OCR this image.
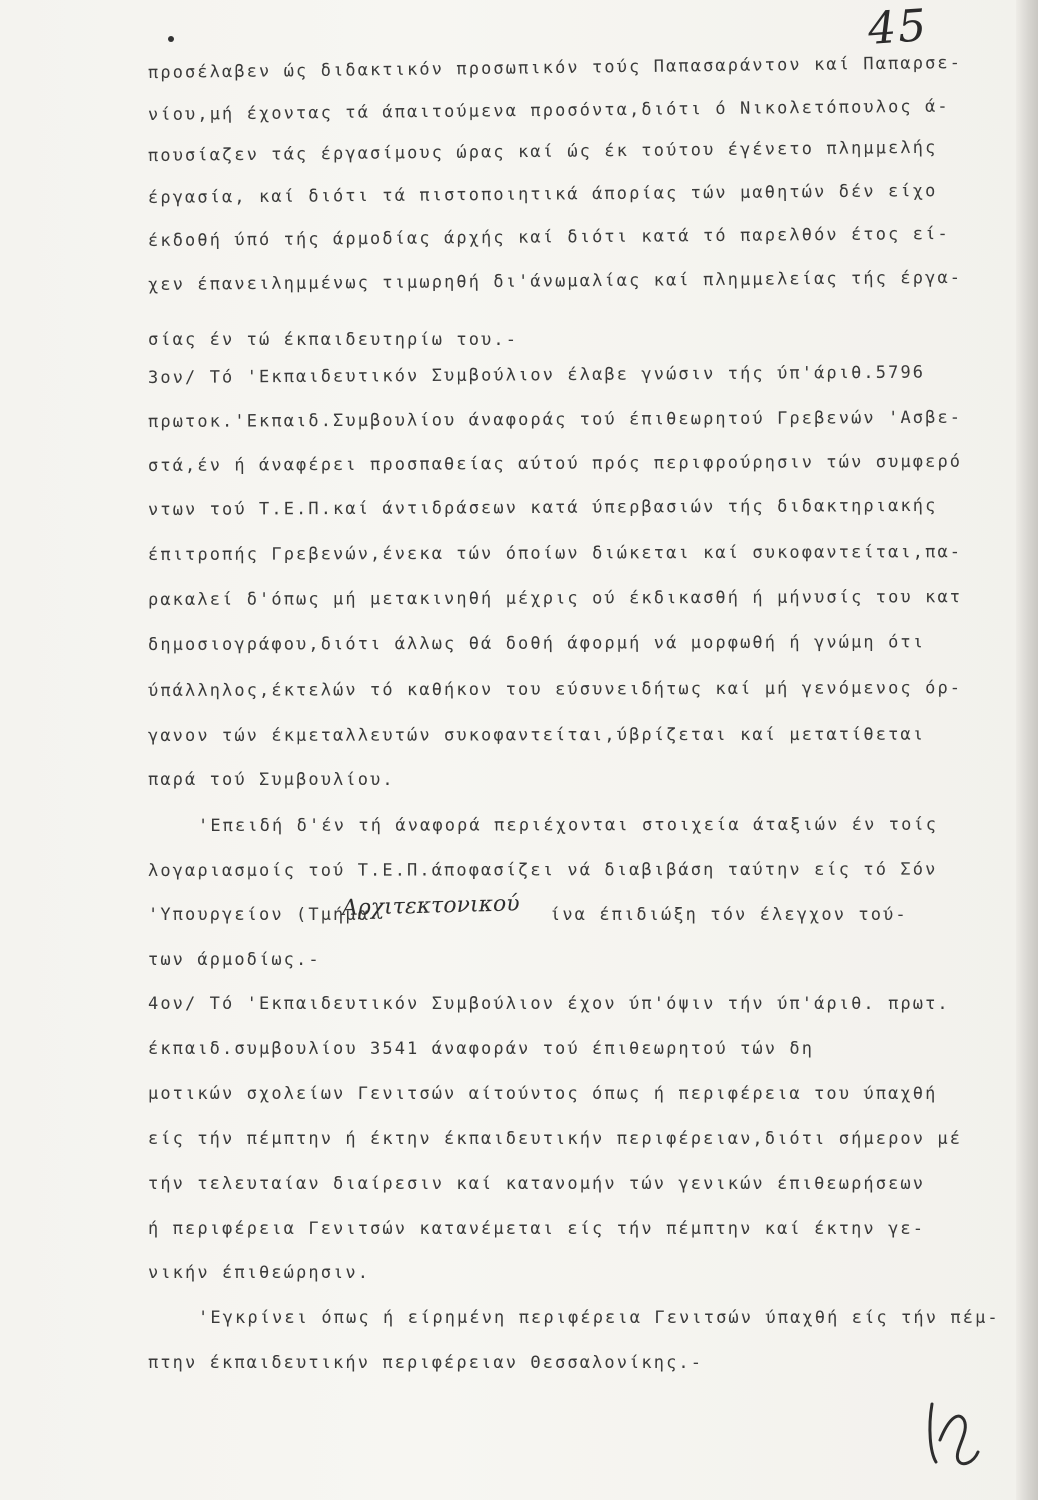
45
προσέλαβεν ώς διδακτικόν προσωπικόν τούς Παπασαράντον καί Παπαρσε-
νίου,μή έχοντας τά άπαιτούμενα προσόντα,διότι ό Νικολετόπουλος ά-
πουσίαζεν τάς έργασίμους ώρας καί ώς έκ τούτου έγένετο πλημμελής
έργασία, καί διότι τά πιστοποιητικά άπορίας τών μαθητών δέν είχο
έκδοθή ύπό τής άρμοδίας άρχής καί διότι κατά τό παρελθόν έτος εί-
χεν έπανειλημμένως τιμωρηθή δι'άνωμαλίας καί πλημμελείας τής έργα-
σίας έν τώ έκπαιδευτηρίω του.-
3ον/ Τό 'Εκπαιδευτικόν Συμβούλιον έλαβε γνώσιν τής ύπ'άριθ.5796
πρωτοκ.'Εκπαιδ.Συμβουλίου άναφοράς τού έπιθεωρητού Γρεβενών 'Ασβε-
στά,έν ή άναφέρει προσπαθείας αύτού πρός περιφρούρησιν τών συμφερό
ντων τού Τ.Ε.Π.καί άντιδράσεων κατά ύπερβασιών τής διδακτηριακής
έπιτροπής Γρεβενών,ένεκα τών όποίων διώκεται καί συκοφαντείται,πα-
ρακαλεί δ'όπως μή μετακινηθή μέχρις ού έκδικασθή ή μήνυσίς του κατ
δημοσιογράφου,διότι άλλως θά δοθή άφορμή νά μορφωθή ή γνώμη ότι
ύπάλληλος,έκτελών τό καθήκον του εύσυνειδήτως καί μή γενόμενος όρ-
γανον τών έκμεταλλευτών συκοφαντείται,ύβρίζεται καί μετατίθεται
παρά τού Συμβουλίου.
'Επειδή δ'έν τή άναφορά περιέχονται στοιχεία άταξιών έν τοίς
λογαριασμοίς τού Τ.Ε.Π.άποφασίζει νά διαβιβάση ταύτην είς τό Σόν
'Υπουργείον (Τμήμα
Αρχιτεκτονικού ίνα έπιδιώξη τόν έλεγχον τού-
των άρμοδίως.-
4ον/ Τό 'Εκπαιδευτικόν Συμβούλιον έχον ύπ'όψιν τήν ύπ'άριθ. πρωτ.
έκπαιδ.συμβουλίου 3541 άναφοράν τού έπιθεωρητού τών δη
μοτικών σχολείων Γενιτσών αίτούντος όπως ή περιφέρεια του ύπαχθή
είς τήν πέμπτην ή έκτην έκπαιδευτικήν περιφέρειαν,διότι σήμερον μέ
τήν τελευταίαν διαίρεσιν καί κατανομήν τών γενικών έπιθεωρήσεων
ή περιφέρεια Γενιτσών κατανέμεται είς τήν πέμπτην καί έκτην γε-
νικήν έπιθεώρησιν.
'Εγκρίνει όπως ή είρημένη περιφέρεια Γενιτσών ύπαχθή είς τήν πέμ-
πτην έκπαιδευτικήν περιφέρειαν Θεσσαλονίκης.-
